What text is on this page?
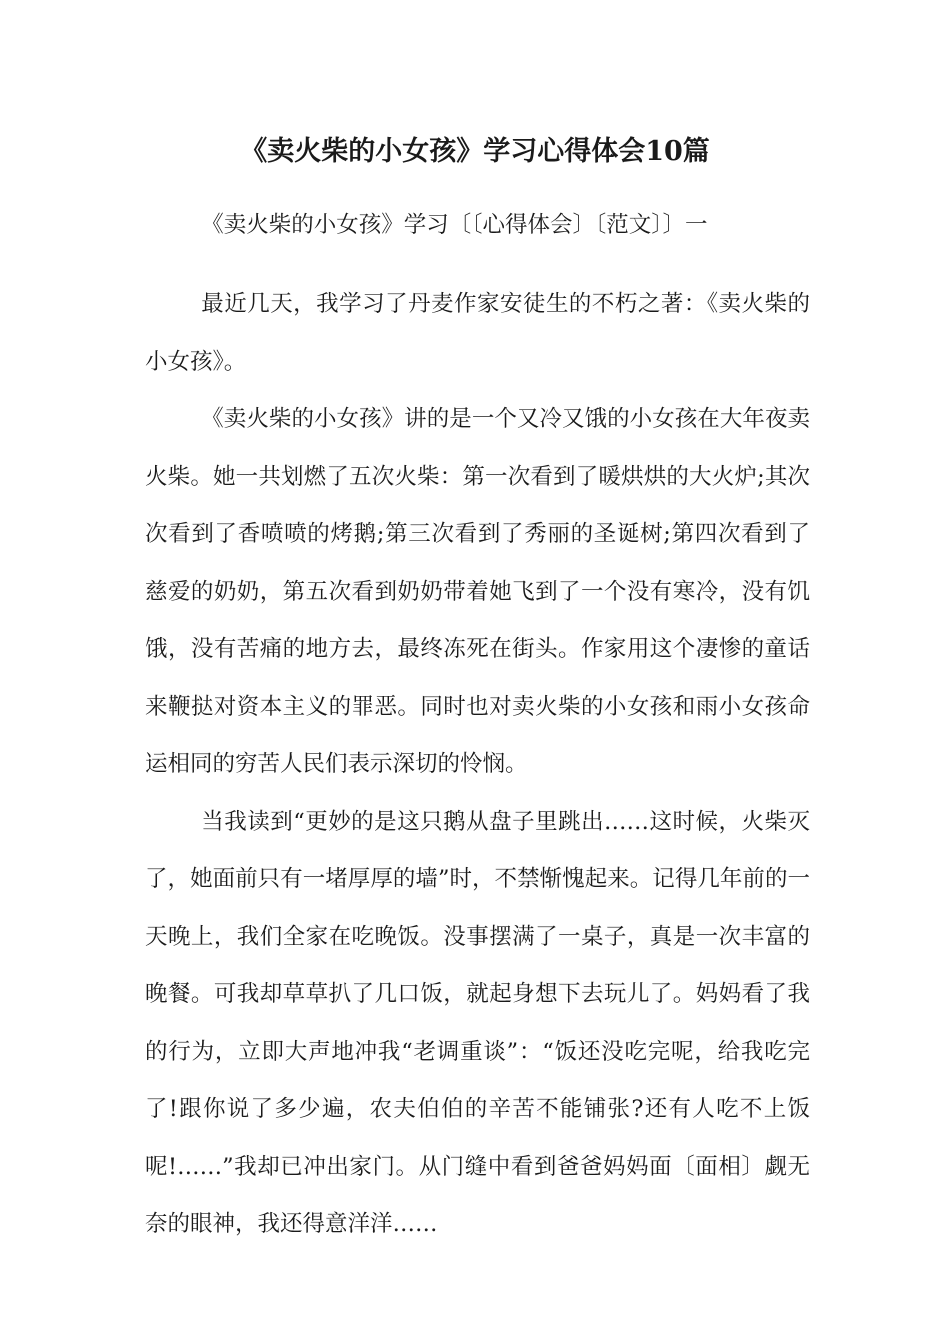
《卖火柴的小女孩》学习心得体会10篇

《卖火柴的小女孩》学习〔〔心得体会〕〔范文〕〕一

最近几天，我学习了丹麦作家安徒生的不朽之著：《卖火柴的小女孩》。

《卖火柴的小女孩》讲的是一个又冷又饿的小女孩在大年夜卖火柴。她一共划燃了五次火柴：第一次看到了暖烘烘的大火炉;其次次看到了香喷喷的烤鹅;第三次看到了秀丽的圣诞树;第四次看到了慈爱的奶奶，第五次看到奶奶带着她飞到了一个没有寒冷，没有饥饿，没有苦痛的地方去，最终冻死在街头。作家用这个凄惨的童话来鞭挞对资本主义的罪恶。同时也对卖火柴的小女孩和雨小女孩命运相同的穷苦人民们表示深切的怜悯。

当我读到“更妙的是这只鹅从盘子里跳出……这时候，火柴灭了，她面前只有一堵厚厚的墙”时，不禁惭愧起来。记得几年前的一天晚上，我们全家在吃晚饭。没事摆满了一桌子，真是一次丰富的晚餐。可我却草草扒了几口饭，就起身想下去玩儿了。妈妈看了我的行为，立即大声地冲我“老调重谈”：“饭还没吃完呢，给我吃完了!跟你说了多少遍，农夫伯伯的辛苦不能铺张?还有人吃不上饭呢!……”我却已冲出家门。从门缝中看到爸爸妈妈面〔面相〕觑无奈的眼神，我还得意洋洋……
